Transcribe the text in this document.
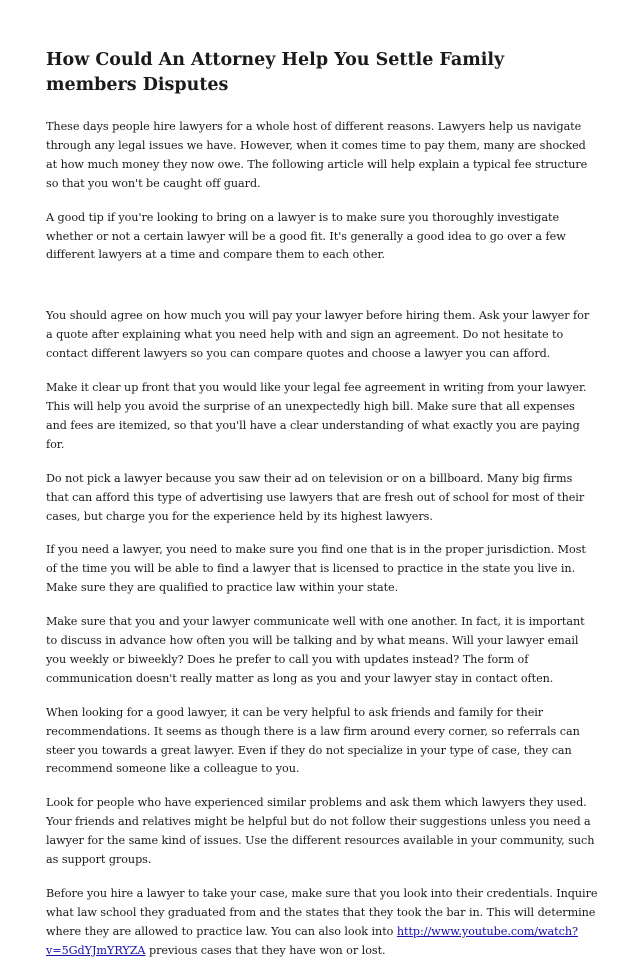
How Could An Attorney Help You Settle Family members Disputes

These days people hire lawyers for a whole host of different reasons. Lawyers help us navigate through any legal issues we have. However, when it comes time to pay them, many are shocked at how much money they now owe. The following article will help explain a typical fee structure so that you won't be caught off guard.

A good tip if you're looking to bring on a lawyer is to make sure you thoroughly investigate whether or not a certain lawyer will be a good fit. It's generally a good idea to go over a few different lawyers at a time and compare them to each other.

You should agree on how much you will pay your lawyer before hiring them. Ask your lawyer for a quote after explaining what you need help with and sign an agreement. Do not hesitate to contact different lawyers so you can compare quotes and choose a lawyer you can afford.

Make it clear up front that you would like your legal fee agreement in writing from your lawyer. This will help you avoid the surprise of an unexpectedly high bill. Make sure that all expenses and fees are itemized, so that you'll have a clear understanding of what exactly you are paying for.

Do not pick a lawyer because you saw their ad on television or on a billboard. Many big firms that can afford this type of advertising use lawyers that are fresh out of school for most of their cases, but charge you for the experience held by its highest lawyers.

If you need a lawyer, you need to make sure you find one that is in the proper jurisdiction. Most of the time you will be able to find a lawyer that is licensed to practice in the state you live in. Make sure they are qualified to practice law within your state.

Make sure that you and your lawyer communicate well with one another. In fact, it is important to discuss in advance how often you will be talking and by what means. Will your lawyer email you weekly or biweekly? Does he prefer to call you with updates instead? The form of communication doesn't really matter as long as you and your lawyer stay in contact often.

When looking for a good lawyer, it can be very helpful to ask friends and family for their recommendations. It seems as though there is a law firm around every corner, so referrals can steer you towards a great lawyer. Even if they do not specialize in your type of case, they can recommend someone like a colleague to you.

Look for people who have experienced similar problems and ask them which lawyers they used. Your friends and relatives might be helpful but do not follow their suggestions unless you need a lawyer for the same kind of issues. Use the different resources available in your community, such as support groups.

Before you hire a lawyer to take your case, make sure that you look into their credentials. Inquire what law school they graduated from and the states that they took the bar in. This will determine where they are allowed to practice law. You can also look into http://www.youtube.com/watch?v=5GdYJmYRYZA previous cases that they have won or lost.
